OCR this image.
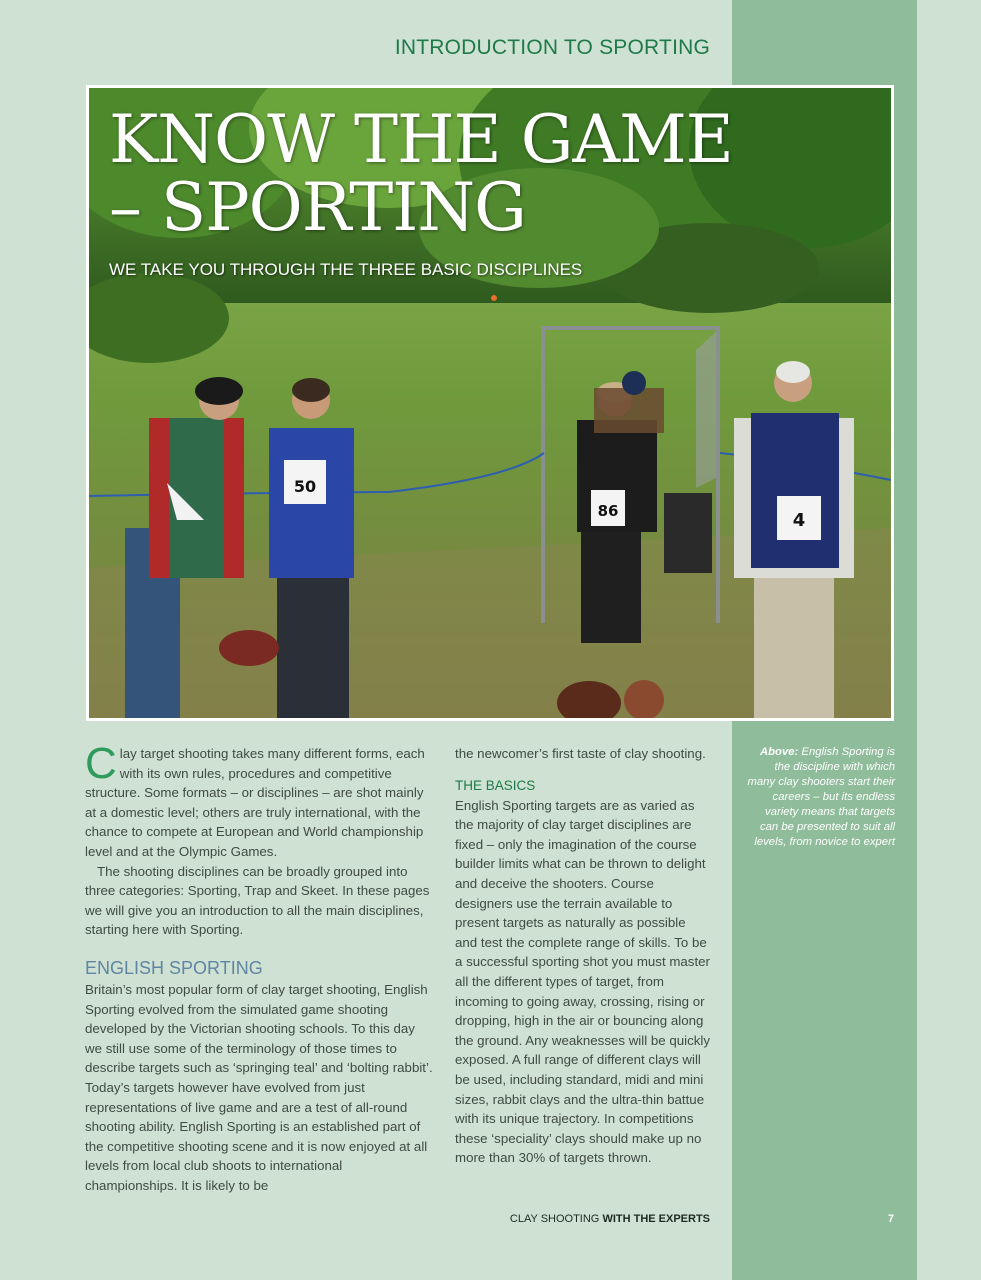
INTRODUCTION TO SPORTING
50
86	4
KNOW THE GAME
– SPORTING
WE TAKE YOU THROUGH THE THREE BASIC DISCIPLINES

Clay target shooting takes many different forms, each with its own rules, procedures and competitive structure. Some formats – or disciplines – are shot mainly at a domestic level; others are truly international, with the chance to compete at European and World championship level and at the Olympic Games.

The shooting disciplines can be broadly grouped into three categories: Sporting, Trap and Skeet. In these pages we will give you an introduction to all the main disciplines, starting here with Sporting.

ENGLISH SPORTING

Britain’s most popular form of clay target shooting, English Sporting evolved from the simulated game shooting developed by the Victorian shooting schools. To this day we still use some of the terminology of those times to describe targets such as ‘springing teal’ and ‘bolting rabbit’. Today’s targets however have evolved from just representations of live game and are a test of all-round shooting ability. English Sporting is an established part of the competitive shooting scene and it is now enjoyed at all levels from local club shoots to international championships. It is likely to be

the newcomer’s first taste of clay shooting.

THE BASICS

English Sporting targets are as varied as the majority of clay target disciplines are fixed – only the imagination of the course builder limits what can be thrown to delight and deceive the shooters. Course designers use the terrain available to present targets as naturally as possible and test the complete range of skills. To be a successful sporting shot you must master all the different types of target, from incoming to going away, crossing, rising or dropping, high in the air or bouncing along the ground. Any weaknesses will be quickly exposed. A full range of different clays will be used, including standard, midi and mini sizes, rabbit clays and the ultra-thin battue with its unique trajectory. In competitions these ‘speciality’ clays should make up no more than 30% of targets thrown.

Above: English Sporting is the discipline with which many clay shooters start their careers – but its endless variety means that targets can be presented to suit all levels, from novice to expert
CLAY SHOOTING WITH THE EXPERTS	7
